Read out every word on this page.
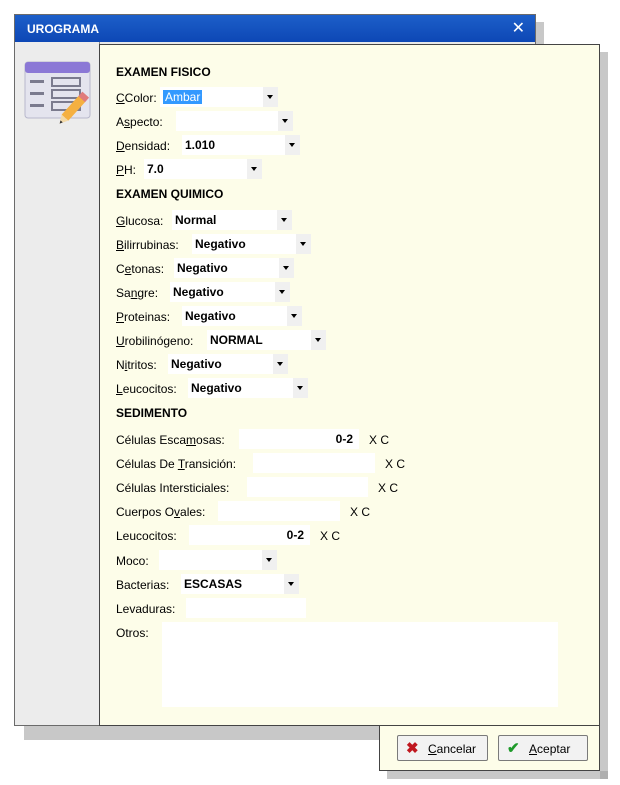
UROGRAMA	✕
EXAMEN FISICO
CColor: Ambar
Aspecto:
Densidad: 1.010
PH: 7.0
EXAMEN QUIMICO
Glucosa: Normal
Bilirrubinas: Negativo
Cetonas: Negativo
Sangre: Negativo
Proteinas: Negativo
Urobilinógeno: NORMAL
Nitritos: Negativo
Leucocitos: Negativo
SEDIMENTO
Células Escamosas:	0-2 X C
Células De Transición:	X C
Células Intersticiales:	X C
Cuerpos Ovales:	X C
Leucocitos:	0-2 X C
Moco:
Bacterias: ESCASAS
Levaduras:
Otros:
✖ Cancelar ✔ Aceptar
